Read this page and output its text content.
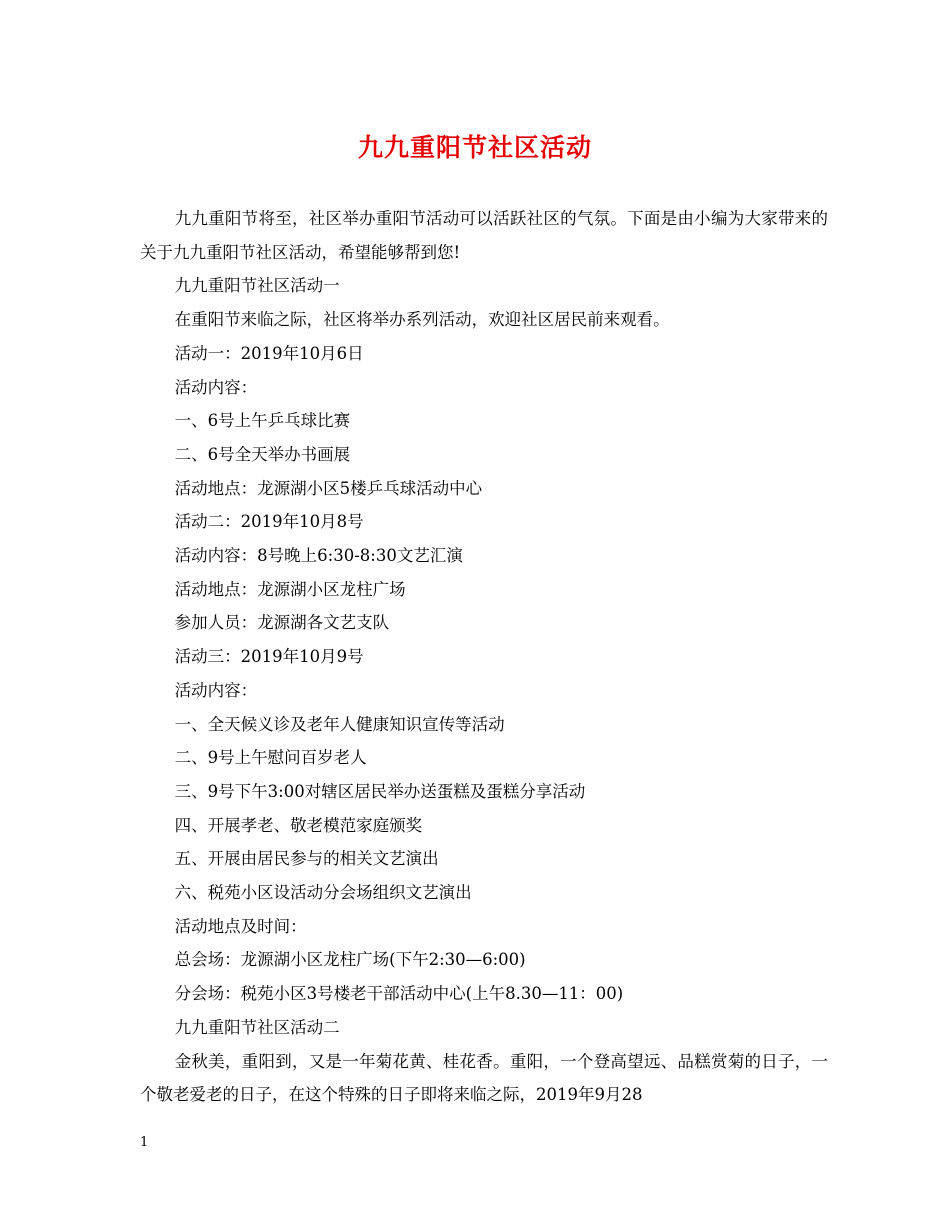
九九重阳节社区活动

九九重阳节将至，社区举办重阳节活动可以活跃社区的气氛。下面是由小编为大家带来的关于九九重阳节社区活动，希望能够帮到您!

九九重阳节社区活动一

在重阳节来临之际，社区将举办系列活动，欢迎社区居民前来观看。

活动一：2019年10月6日

活动内容：

一、6号上午乒乓球比赛

二、6号全天举办书画展

活动地点：龙源湖小区5楼乒乓球活动中心

活动二：2019年10月8号

活动内容：8号晚上6:30-8:30文艺汇演

活动地点：龙源湖小区龙柱广场

参加人员：龙源湖各文艺支队

活动三：2019年10月9号

活动内容：

一、全天候义诊及老年人健康知识宣传等活动

二、9号上午慰问百岁老人

三、9号下午3:00对辖区居民举办送蛋糕及蛋糕分享活动

四、开展孝老、敬老模范家庭颁奖

五、开展由居民参与的相关文艺演出

六、税苑小区设活动分会场组织文艺演出

活动地点及时间：

总会场：龙源湖小区龙柱广场(下午2:30—6:00)

分会场：税苑小区3号楼老干部活动中心(上午8.30—11：00)

九九重阳节社区活动二

金秋美，重阳到，又是一年菊花黄、桂花香。重阳，一个登高望远、品糕赏菊的日子，一个敬老爱老的日子，在这个特殊的日子即将来临之际，2019年9月28

1
